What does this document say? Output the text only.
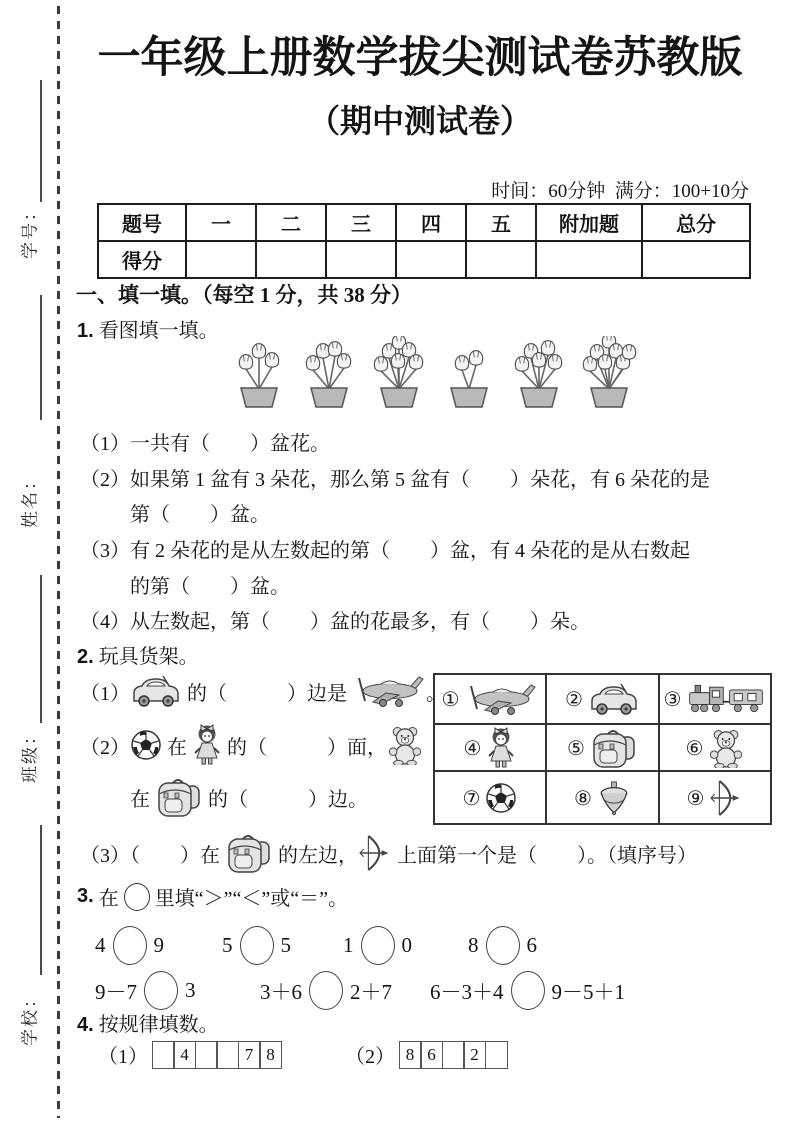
学号：
姓名：
班级：
学校：
一年级上册数学拔尖测试卷苏教版
（期中测试卷）
时间：60分钟  满分：100+10分
题号	一	二	三	四	五	附加题	总分
得分							
一、填一填。（每空 1 分，共 38 分）
1. 看图填一填。
（1）一共有（　　）盆花。
（2）如果第 1 盆有 3 朵花，那么第 5 盆有（　　）朵花，有 6 朵花的是
第（　　）盆。
（3）有 2 朵花的是从左数起的第（　　）盆，有 4 朵花的是从右数起
的第（　　）盆。
（4）从左数起，第（　　）盆的花最多，有（　　）朵。
2. 玩具货架。
（1）	的（　　　）边是	。
（2） 在 的（　　　）面，
在 的（　　　）边。
（3）（　　）在 的左边， 上面第一个是（　　）。（填序号）
①	②	③
④	⑤	⑥
⑦	⑧	⑨
3.
在 里填“＞”“＜”或“＝”。
4 9	5 5 1 0	8 6
9－7 3	3＋6 2＋7 6－3＋4 9－5＋1
4. 按规律填数。
（1）	4	7 8	（2） 8 6	2
